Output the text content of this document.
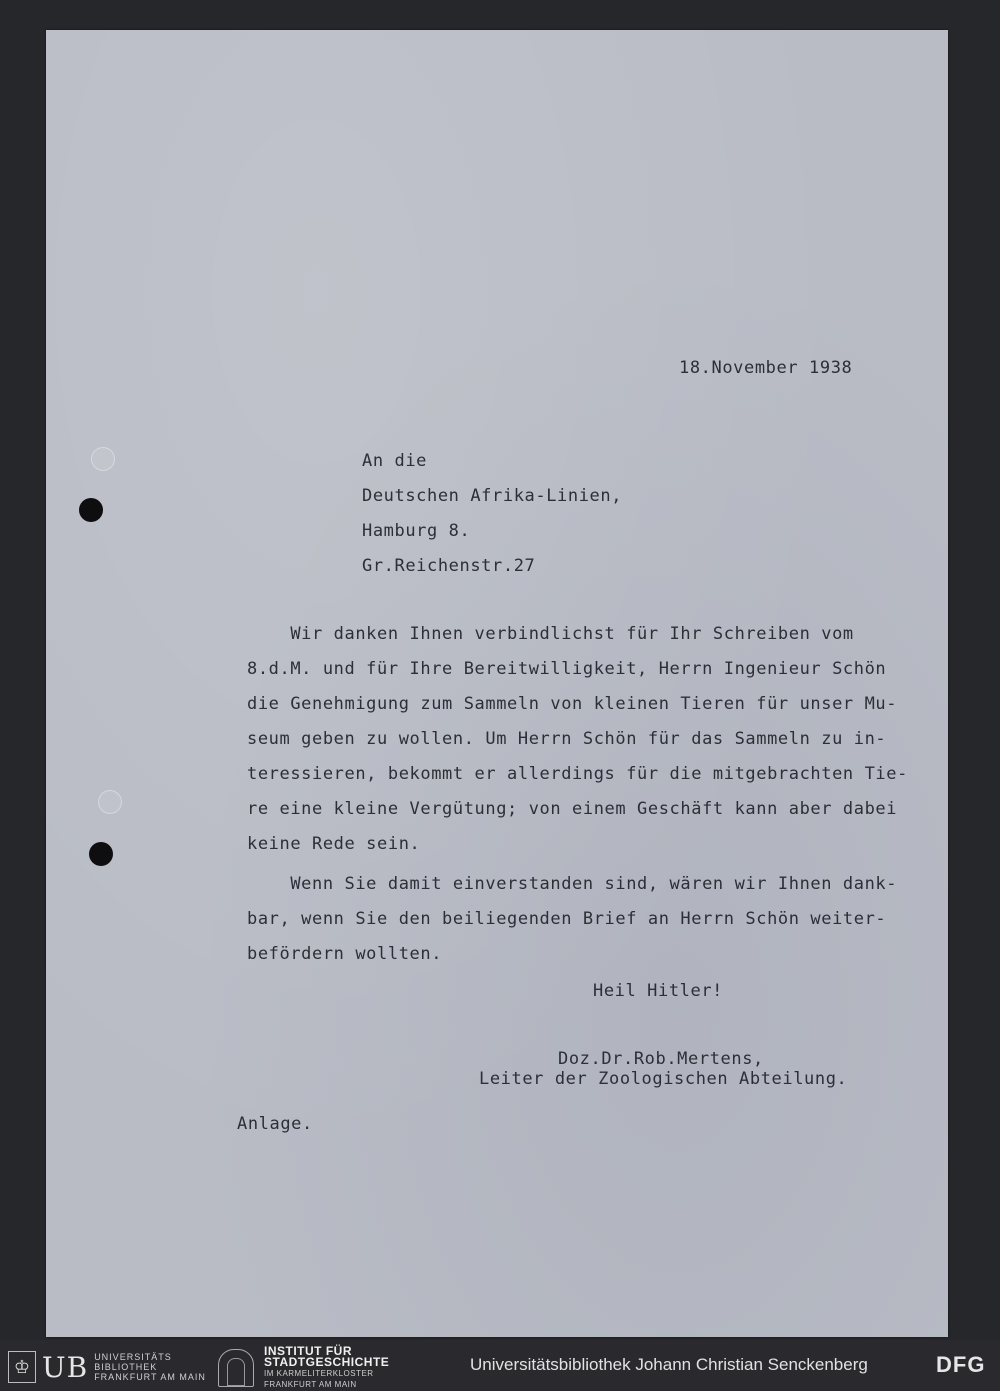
18.November 1938

An die

Deutschen Afrika-Linien,

Hamburg 8.

Gr.Reichenstr.27

Wir danken Ihnen verbindlichst für Ihr Schreiben vom

8.d.M. und für Ihre Bereitwilligkeit, Herrn Ingenieur Schön

die Genehmigung zum Sammeln von kleinen Tieren für unser Mu-

seum geben zu wollen. Um Herrn Schön für das Sammeln zu in-

teressieren, bekommt er allerdings für die mitgebrachten Tie-

re eine kleine Vergütung; von einem Geschäft kann aber dabei

keine Rede sein.

Wenn Sie damit einverstanden sind, wären wir Ihnen dank-

bar, wenn Sie den beiliegenden Brief an Herrn Schön weiter-

befördern wollten.

Heil Hitler!

Doz.Dr.Rob.Mertens,

Leiter der Zoologischen Abteilung.

Anlage.

♔ UB UNIVERSITÄTS
BIBLIOTHEK
FRANKFURT AM MAIN
INSTITUT FÜR
STADTGESCHICHTE
IM KARMELITERKLOSTER
FRANKFURT AM MAIN
Universitätsbibliothek Johann Christian Senckenberg	DFG
